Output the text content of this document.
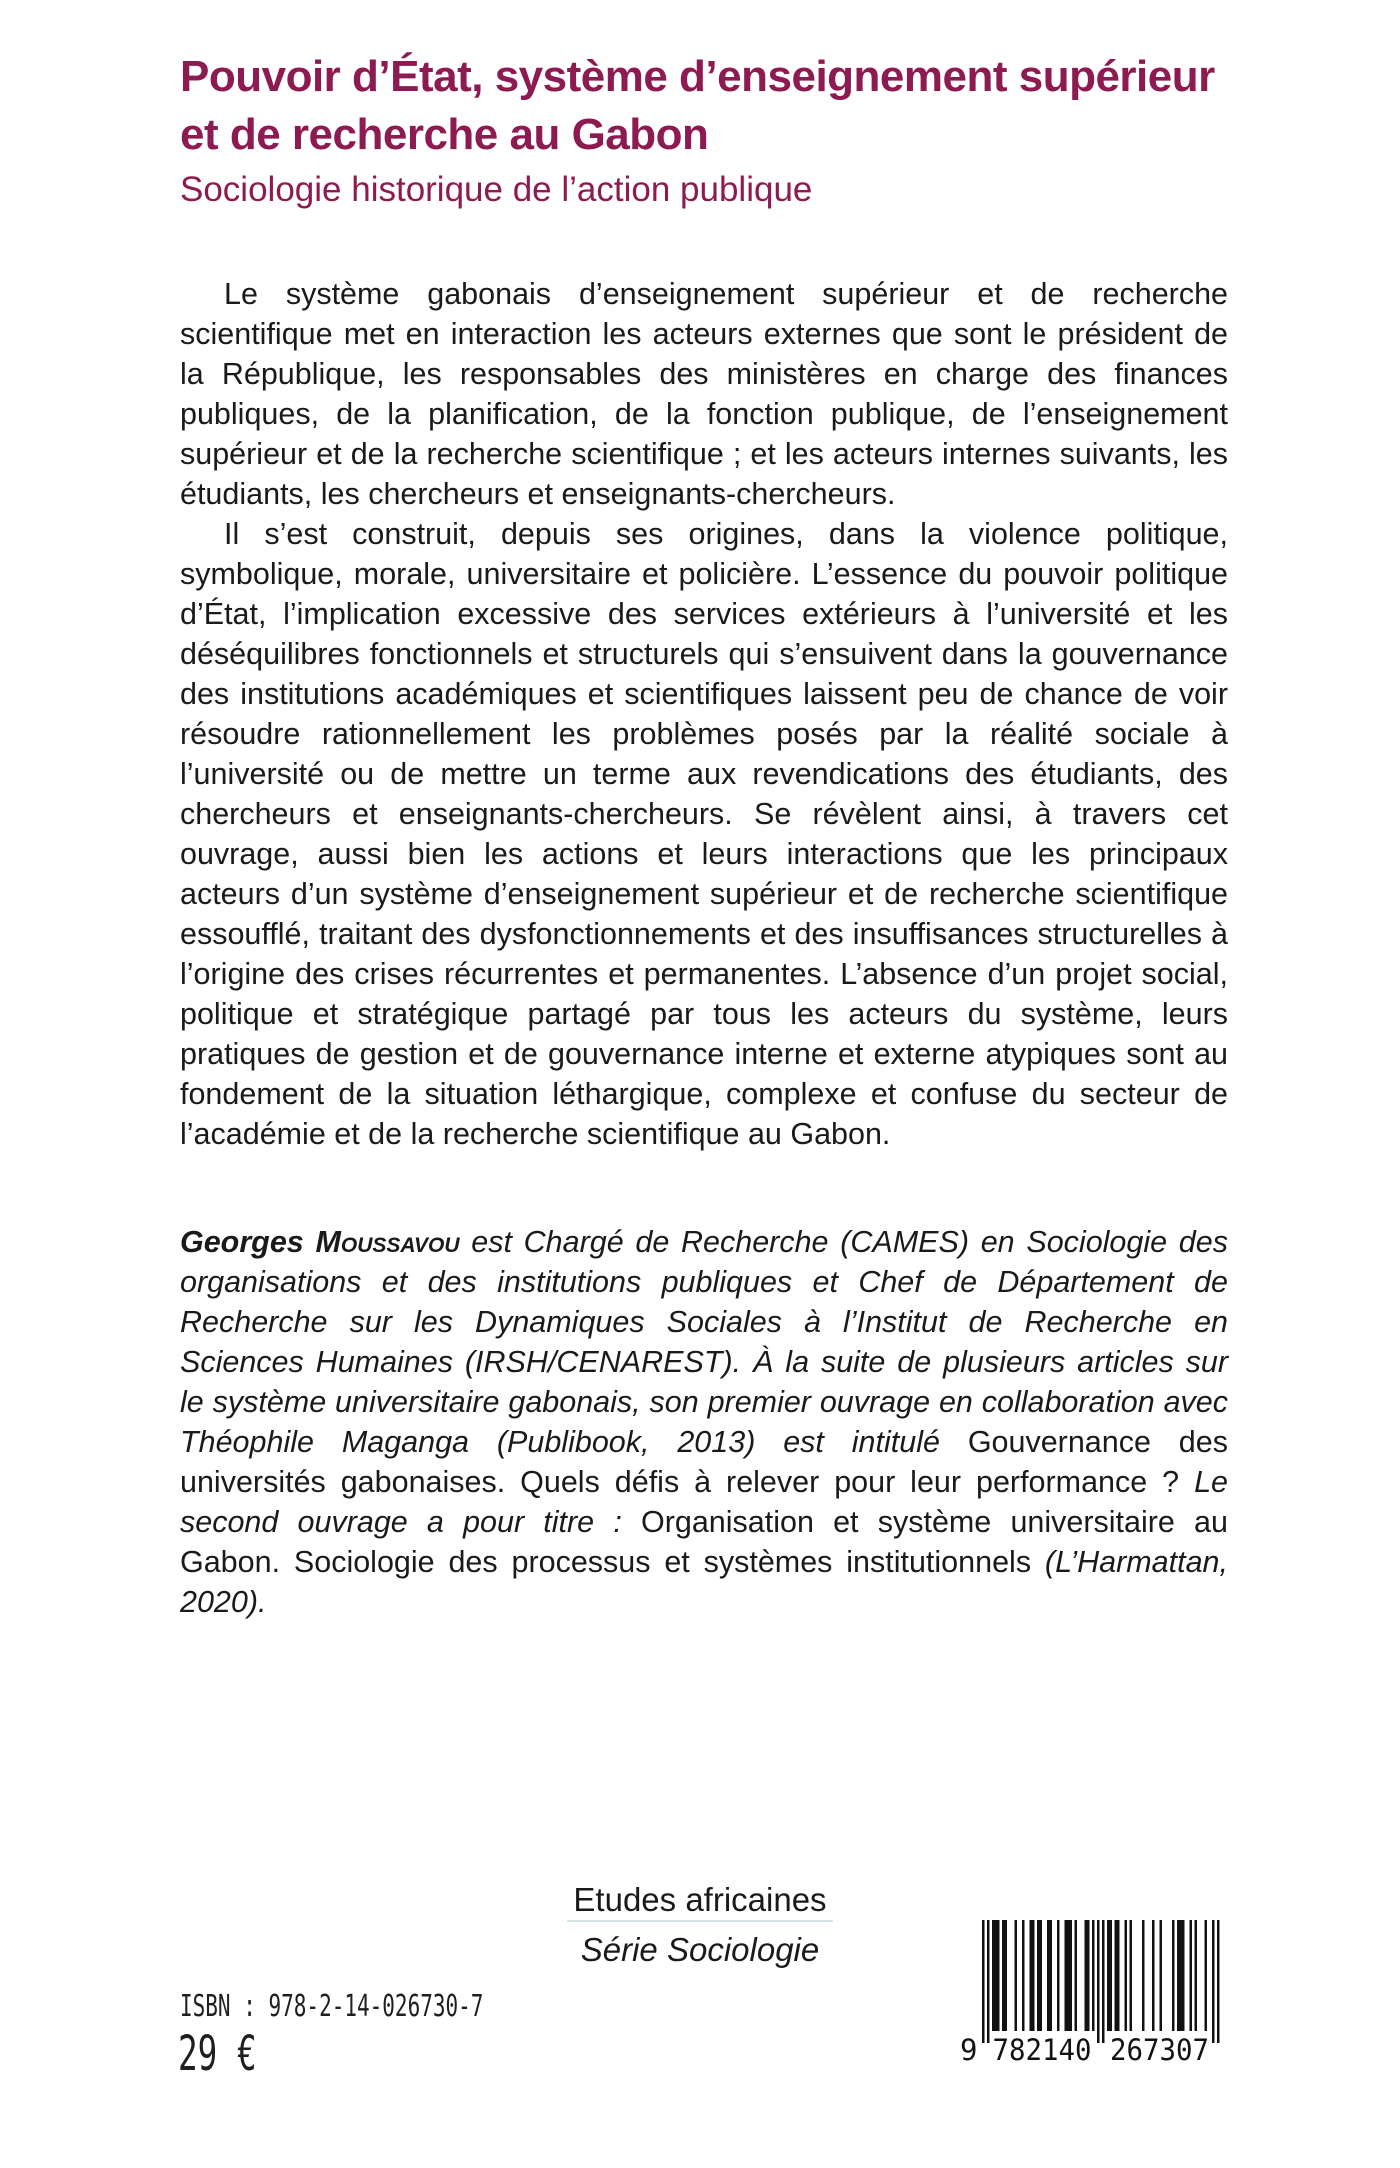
Pouvoir d’État, système d’enseignement supérieur
et de recherche au Gabon
Sociologie historique de l’action publique

Le système gabonais d’enseignement supérieur et de recherche scientifique met en interaction les acteurs externes que sont le président de la République, les responsables des ministères en charge des finances publiques, de la planification, de la fonction publique, de l’enseignement supérieur et de la recherche scientifique ; et les acteurs internes suivants, les étudiants, les chercheurs et enseignants-chercheurs.

Il s’est construit, depuis ses origines, dans la violence politique, symbolique, morale, universitaire et policière. L’essence du pouvoir politique d’État, l’implication excessive des services extérieurs à l’université et les déséquilibres fonctionnels et structurels qui s’ensuivent dans la gouvernance des institutions académiques et scientifiques laissent peu de chance de voir résoudre rationnellement les problèmes posés par la réalité sociale à l’université ou de mettre un terme aux revendications des étudiants, des chercheurs et enseignants-chercheurs. Se révèlent ainsi, à travers cet ouvrage, aussi bien les actions et leurs interactions que les principaux acteurs d’un système d’enseignement supérieur et de recherche scientifique essoufflé, traitant des dysfonctionnements et des insuffisances structurelles à l’origine des crises récurrentes et permanentes. L’absence d’un projet social, politique et stratégique partagé par tous les acteurs du système, leurs pratiques de gestion et de gouvernance interne et externe atypiques sont au fondement de la situation léthargique, complexe et confuse du secteur de l’académie et de la recherche scientifique au Gabon.

Georges Moussavou est Chargé de Recherche (CAMES) en Sociologie des organisations et des institutions publiques et Chef de Département de Recherche sur les Dynamiques Sociales à l’Institut de Recherche en Sciences Humaines (IRSH/CENAREST). À la suite de plusieurs articles sur le système universitaire gabonais, son premier ouvrage en collaboration avec Théophile Maganga (Publibook, 2013) est intitulé Gouvernance des universités gabonaises. Quels défis à relever pour leur performance ? Le second ouvrage a pour titre : Organisation et système universitaire au Gabon. Sociologie des processus et systèmes institutionnels (L’Harmattan, 2020).

Etudes africaines
Série Sociologie
ISBN : 978-2-14-026730-7
29 €	9 782140 267307
